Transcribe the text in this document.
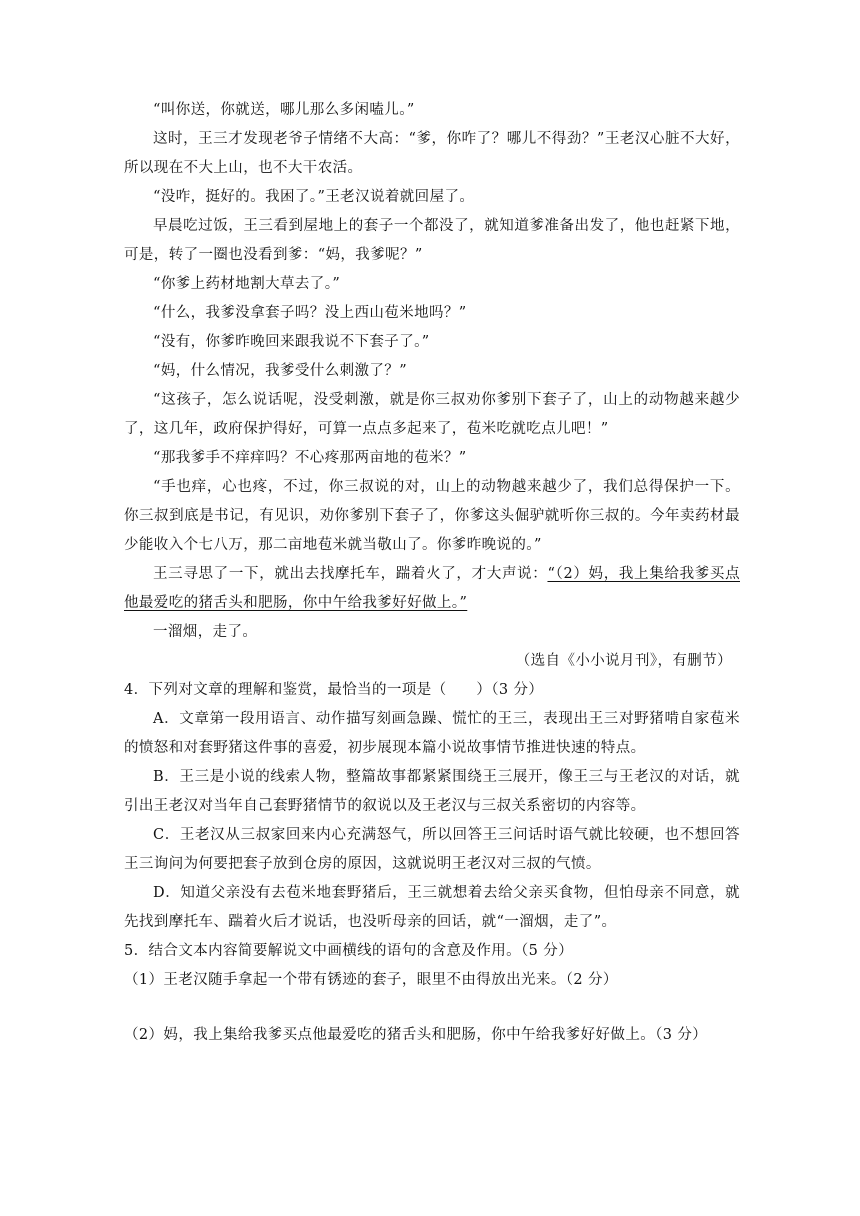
“叫你送，你就送，哪儿那么多闲嗑儿。”

这时，王三才发现老爷子情绪不大高：“爹，你咋了？哪儿不得劲？”王老汉心脏不大好，所以现在不大上山，也不大干农活。

“没咋，挺好的。我困了。”王老汉说着就回屋了。

早晨吃过饭，王三看到屋地上的套子一个都没了，就知道爹准备出发了，他也赶紧下地，可是，转了一圈也没看到爹：“妈，我爹呢？”

“你爹上药材地割大草去了。”

“什么，我爹没拿套子吗？没上西山苞米地吗？”

“没有，你爹昨晚回来跟我说不下套子了。”

“妈，什么情况，我爹受什么刺激了？”

“这孩子，怎么说话呢，没受刺激，就是你三叔劝你爹别下套子了，山上的动物越来越少了，这几年，政府保护得好，可算一点点多起来了，苞米吃就吃点儿吧！”

“那我爹手不痒痒吗？不心疼那两亩地的苞米？”

“手也痒，心也疼，不过，你三叔说的对，山上的动物越来越少了，我们总得保护一下。你三叔到底是书记，有见识，劝你爹别下套子了，你爹这头倔驴就听你三叔的。今年卖药材最少能收入个七八万，那二亩地苞米就当敬山了。你爹昨晚说的。”

王三寻思了一下，就出去找摩托车，踹着火了，才大声说：“（2）妈，我上集给我爹买点他最爱吃的猪舌头和肥肠，你中午给我爹好好做上。”

一溜烟，走了。

（选自《小小说月刊》，有删节）

4．下列对文章的理解和鉴赏，最恰当的一项是（　　）（3 分）

A．文章第一段用语言、动作描写刻画急躁、慌忙的王三，表现出王三对野猪啃自家苞米的愤怒和对套野猪这件事的喜爱，初步展现本篇小说故事情节推进快速的特点。

B．王三是小说的线索人物，整篇故事都紧紧围绕王三展开，像王三与王老汉的对话，就引出王老汉对当年自己套野猪情节的叙说以及王老汉与三叔关系密切的内容等。

C．王老汉从三叔家回来内心充满怒气，所以回答王三问话时语气就比较硬，也不想回答王三询问为何要把套子放到仓房的原因，这就说明王老汉对三叔的气愤。

D．知道父亲没有去苞米地套野猪后，王三就想着去给父亲买食物，但怕母亲不同意，就先找到摩托车、踹着火后才说话，也没听母亲的回话，就“一溜烟，走了”。

5．结合文本内容简要解说文中画横线的语句的含意及作用。（5 分）

（1）王老汉随手拿起一个带有锈迹的套子，眼里不由得放出光来。（2 分）

（2）妈，我上集给我爹买点他最爱吃的猪舌头和肥肠，你中午给我爹好好做上。（3 分）
